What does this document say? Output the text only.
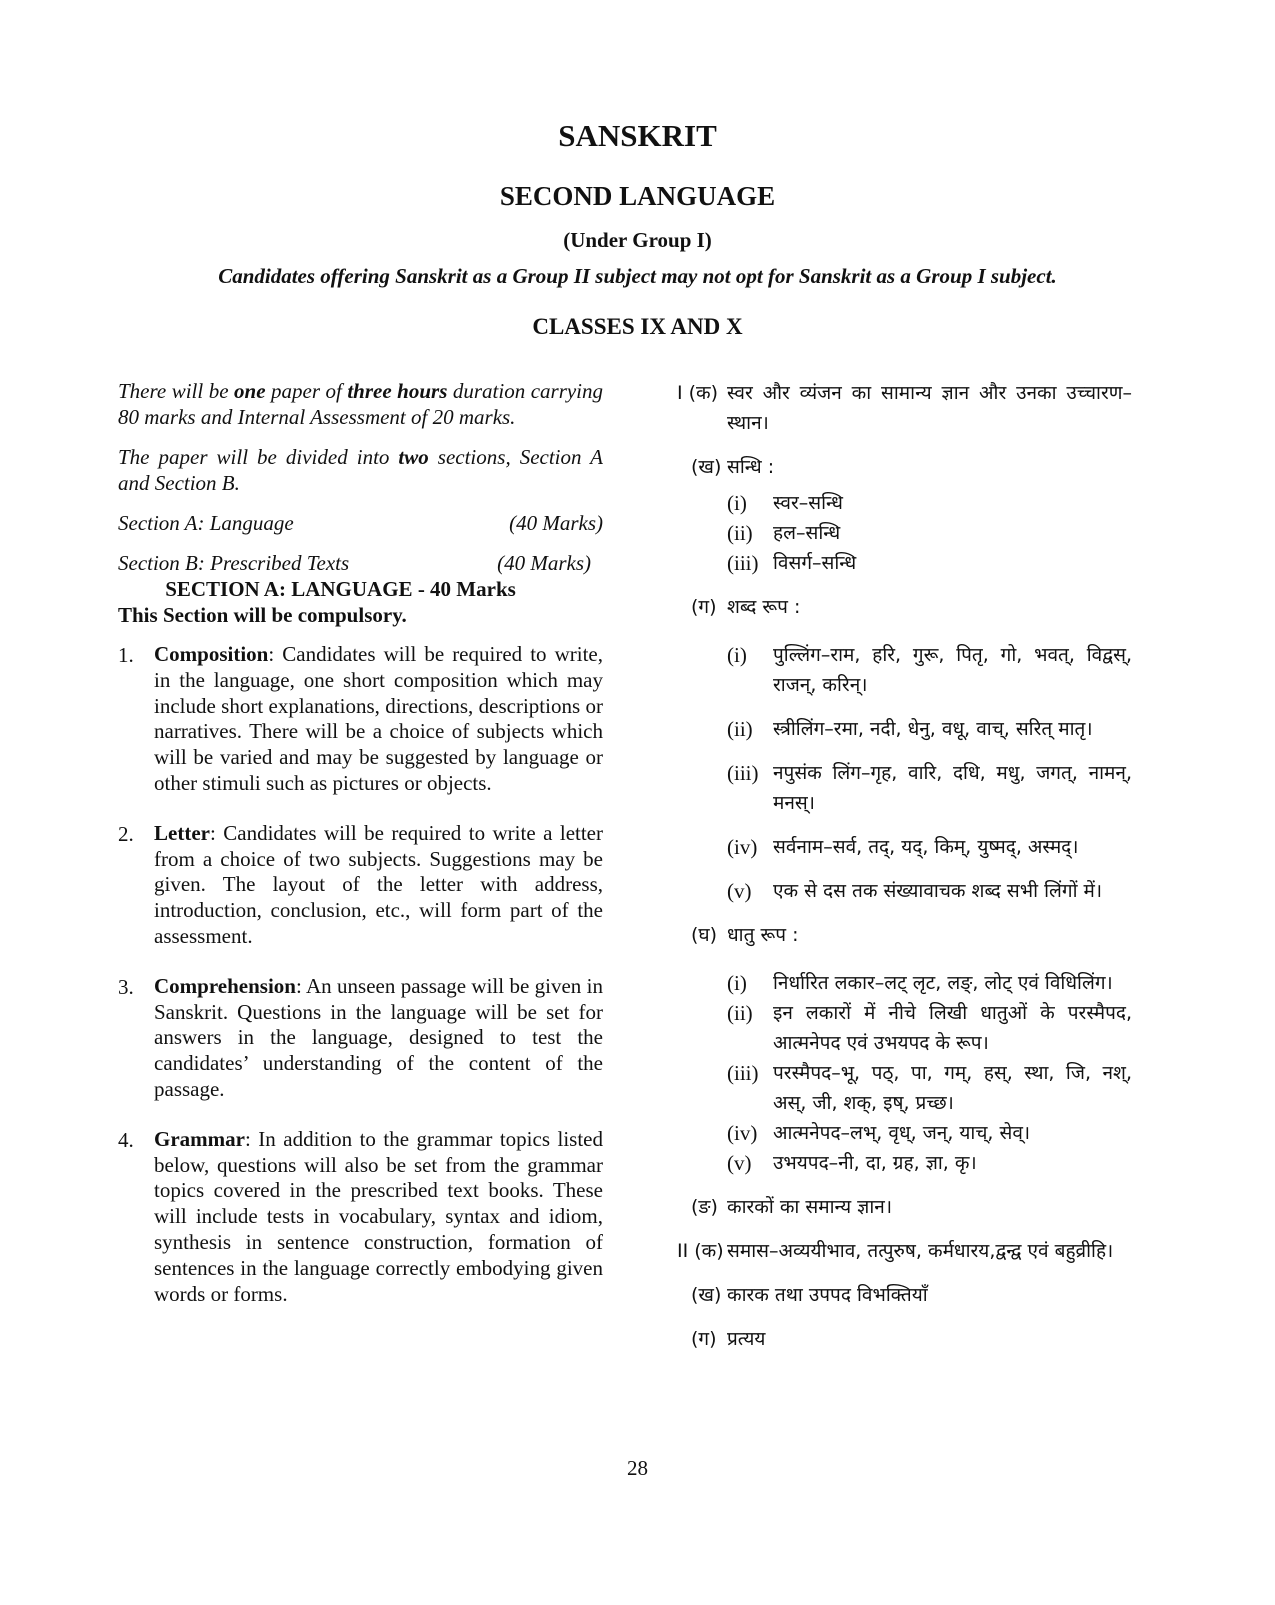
SANSKRIT
SECOND LANGUAGE
(Under Group I)
Candidates offering Sanskrit as a Group II subject may not opt for Sanskrit as a Group I subject.
CLASSES IX AND X

There will be one paper of three hours duration carrying 80 marks and Internal Assessment of 20 marks.

The paper will be divided into two sections, Section A and Section B.

Section A: Language	(40 Marks)
Section B: Prescribed Texts	(40 Marks)

SECTION A: LANGUAGE - 40 Marks

This Section will be compulsory.

1. Composition: Candidates will be required to write, in the language, one short composition which may include short explanations, directions, descriptions or narratives. There will be a choice of subjects which will be varied and may be suggested by language or other stimuli such as pictures or objects.
2. Letter: Candidates will be required to write a letter from a choice of two subjects. Suggestions may be given. The layout of the letter with address, introduction, conclusion, etc., will form part of the assessment.
3. Comprehension: An unseen passage will be given in Sanskrit. Questions in the language will be set for answers in the language, designed to test the candidates’ understanding of the content of the passage.
4. Grammar: In addition to the grammar topics listed below, questions will also be set from the grammar topics covered in the prescribed text books. These will include tests in vocabulary, syntax and idiom, synthesis in sentence construction, formation of sentences in the language correctly embodying given words or forms.
I (क) स्वर और व्यंजन का सामान्य ज्ञान और उनका उच्चारण–स्थान।
(ख) सन्धि :
(i)	स्वर–सन्धि
(ii)	हल–सन्धि
(iii) विसर्ग–सन्धि
(ग) शब्द रूप :
(i)	पुल्लिंग–राम, हरि, गुरू, पितृ, गो, भवत्, विद्वस्, राजन्, करिन्।
(ii)	स्त्रीलिंग–रमा, नदी, धेनु, वधू, वाच्, सरित् मातृ।
(iii) नपुसंक लिंग–गृह, वारि, दधि, मधु, जगत्, नामन्, मनस्।
(iv) सर्वनाम–सर्व, तद्, यद्, किम्, युष्मद्, अस्मद्।
(v)	एक से दस तक संख्यावाचक शब्द सभी लिंगों में।
(घ) धातु रूप :
(i)	निर्धारित लकार–लट् लृट, लङ्, लोट् एवं विधिलिंग।
(ii)	इन लकारों में नीचे लिखी धातुओं के परस्मैपद, आत्मनेपद एवं उभयपद के रूप।
(iii) परस्मैपद–भू, पठ्, पा, गम्, हस्, स्था, जि, नश्, अस्, जी, शक्, इष्, प्रच्छ।
(iv) आत्मनेपद–लभ्, वृध्, जन्, याच्, सेव्।
(v)	उभयपद–नी, दा, ग्रह, ज्ञा, कृ।
(ङ) कारकों का समान्य ज्ञान।
II (क) समास–अव्ययीभाव, तत्पुरुष, कर्मधारय,द्वन्द्व एवं बहुव्रीहि।
(ख) कारक तथा उपपद विभक्तियाँ
(ग) प्रत्यय
28
